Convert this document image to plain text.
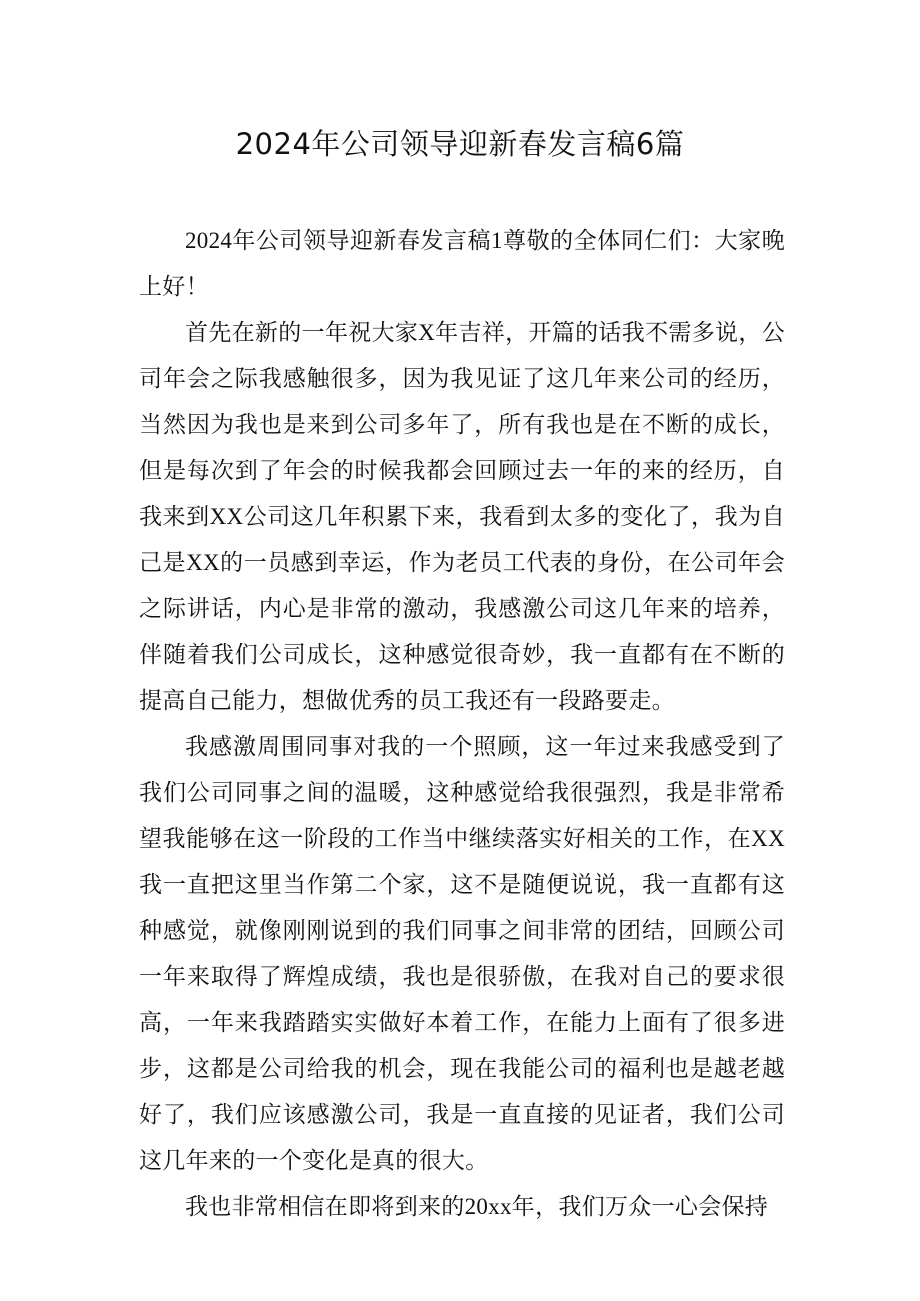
2024年公司领导迎新春发言稿6篇

2024年公司领导迎新春发言稿1尊敬的全体同仁们：大家晚上好！

首先在新的一年祝大家X年吉祥，开篇的话我不需多说，公司年会之际我感触很多，因为我见证了这几年来公司的经历，当然因为我也是来到公司多年了，所有我也是在不断的成长，但是每次到了年会的时候我都会回顾过去一年的来的经历，自我来到XX公司这几年积累下来，我看到太多的变化了，我为自己是XX的一员感到幸运，作为老员工代表的身份，在公司年会之际讲话，内心是非常的激动，我感激公司这几年来的培养，伴随着我们公司成长，这种感觉很奇妙，我一直都有在不断的提高自己能力，想做优秀的员工我还有一段路要走。

我感激周围同事对我的一个照顾，这一年过来我感受到了我们公司同事之间的温暖，这种感觉给我很强烈，我是非常希望我能够在这一阶段的工作当中继续落实好相关的工作，在XX我一直把这里当作第二个家，这不是随便说说，我一直都有这种感觉，就像刚刚说到的我们同事之间非常的团结，回顾公司一年来取得了辉煌成绩，我也是很骄傲，在我对自己的要求很高，一年来我踏踏实实做好本着工作，在能力上面有了很多进步，这都是公司给我的机会，现在我能公司的福利也是越老越好了，我们应该感激公司，我是一直直接的见证者，我们公司这几年来的一个变化是真的很大。

我也非常相信在即将到来的20xx年，我们万众一心会保持
